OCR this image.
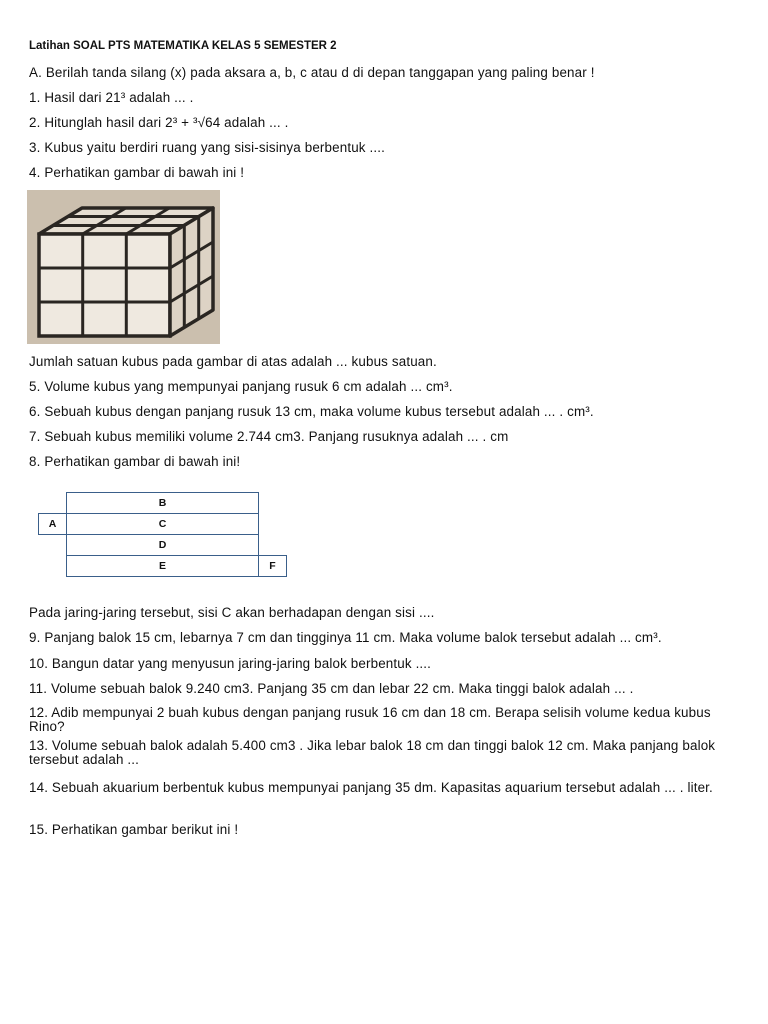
Latihan SOAL PTS MATEMATIKA KELAS 5 SEMESTER 2
A. Berilah tanda silang (x) pada aksara a, b, c atau d di depan tanggapan yang paling benar !
1. Hasil dari 21³ adalah ... .
2. Hitunglah hasil dari 2³ + ³√64 adalah ... .
3. Kubus yaitu berdiri ruang yang sisi-sisinya berbentuk ....
4. Perhatikan gambar di bawah ini !
Jumlah satuan kubus pada gambar di atas adalah ... kubus satuan.
5. Volume kubus yang mempunyai panjang rusuk 6 cm adalah ... cm³.
6. Sebuah kubus dengan panjang rusuk 13 cm, maka volume kubus tersebut adalah ... . cm³.
7. Sebuah kubus memiliki volume 2.744 cm3. Panjang rusuknya adalah ... . cm
8. Perhatikan gambar di bawah ini!
B
A	C
D
E	F
Pada jaring-jaring tersebut, sisi C akan berhadapan dengan sisi ....
9. Panjang balok 15 cm, lebarnya 7 cm dan tingginya 11 cm. Maka volume balok tersebut adalah ... cm³.
10. Bangun datar yang menyusun jaring-jaring balok berbentuk ....
11. Volume sebuah balok 9.240 cm3. Panjang 35 cm dan lebar 22 cm. Maka tinggi balok adalah ... .
12. Adib mempunyai 2 buah kubus dengan panjang rusuk 16 cm dan 18 cm. Berapa selisih volume kedua kubus Rino?
13. Volume sebuah balok adalah 5.400 cm3 . Jika lebar balok 18 cm dan tinggi balok 12 cm. Maka panjang balok tersebut adalah ...
14. Sebuah akuarium berbentuk kubus mempunyai panjang 35 dm. Kapasitas aquarium tersebut adalah ... . liter.
15. Perhatikan gambar berikut ini !
